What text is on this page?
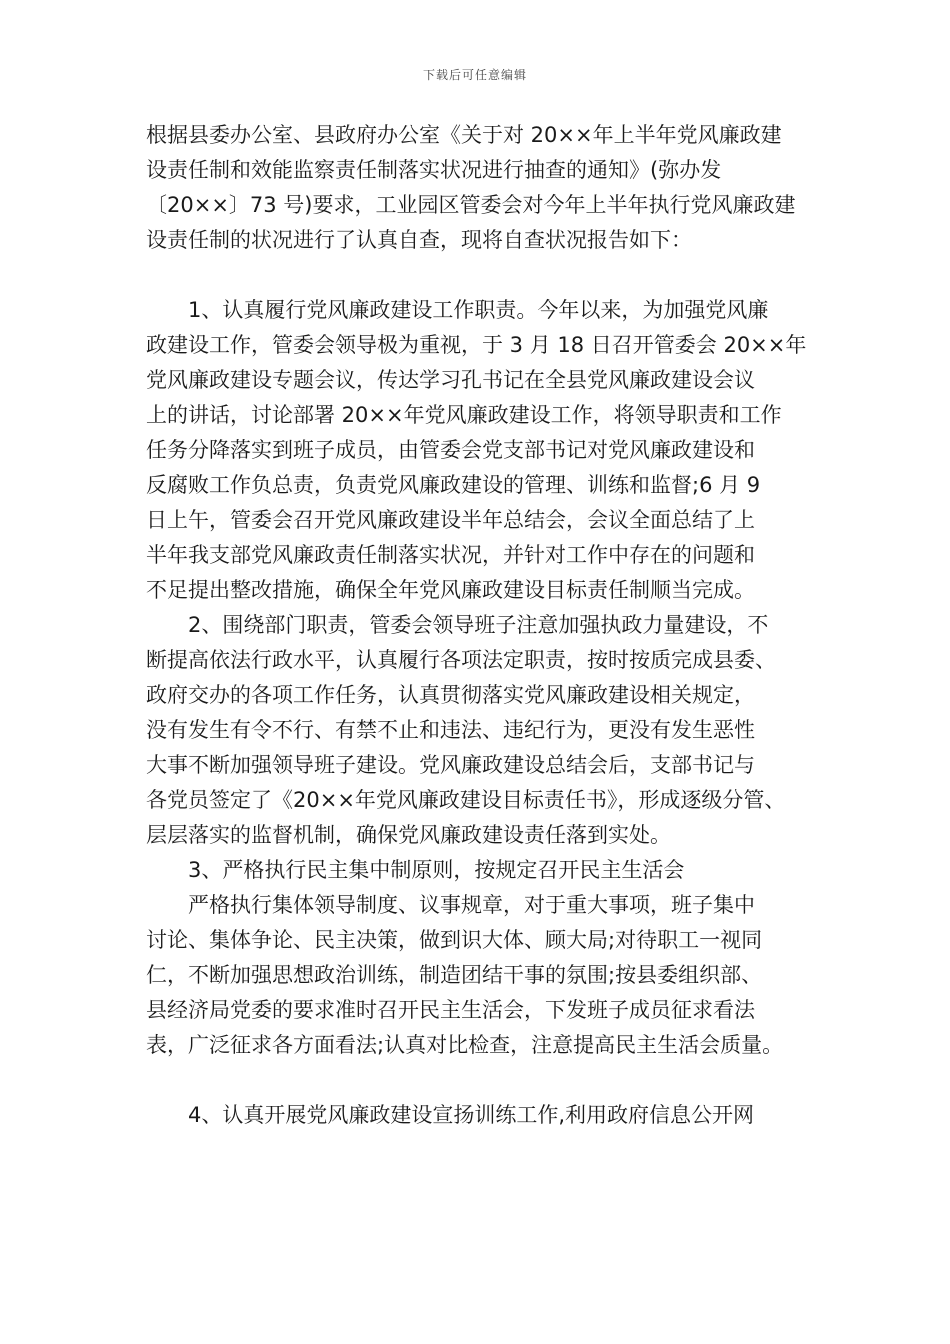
下载后可任意编辑

根据县委办公室、县政府办公室《关于对 20××年上半年党风廉政建
设责任制和效能监察责任制落实状况进行抽查的通知》(弥办发
〔20××〕73 号)要求，工业园区管委会对今年上半年执行党风廉政建
设责任制的状况进行了认真自查，现将自查状况报告如下：

1、认真履行党风廉政建设工作职责。今年以来，为加强党风廉
政建设工作，管委会领导极为重视，于 3 月 18 日召开管委会 20××年
党风廉政建设专题会议，传达学习孔书记在全县党风廉政建设会议
上的讲话，讨论部署 20××年党风廉政建设工作，将领导职责和工作
任务分降落实到班子成员，由管委会党支部书记对党风廉政建设和
反腐败工作负总责，负责党风廉政建设的管理、训练和监督;6 月 9
日上午，管委会召开党风廉政建设半年总结会，会议全面总结了上
半年我支部党风廉政责任制落实状况，并针对工作中存在的问题和
不足提出整改措施，确保全年党风廉政建设目标责任制顺当完成。

2、围绕部门职责，管委会领导班子注意加强执政力量建设，不
断提高依法行政水平，认真履行各项法定职责，按时按质完成县委、
政府交办的各项工作任务，认真贯彻落实党风廉政建设相关规定，
没有发生有令不行、有禁不止和违法、违纪行为，更没有发生恶性
大事不断加强领导班子建设。党风廉政建设总结会后，支部书记与
各党员签定了《20××年党风廉政建设目标责任书》，形成逐级分管、
层层落实的监督机制，确保党风廉政建设责任落到实处。

3、严格执行民主集中制原则，按规定召开民主生活会

严格执行集体领导制度、议事规章，对于重大事项，班子集中
讨论、集体争论、民主决策，做到识大体、顾大局;对待职工一视同
仁，不断加强思想政治训练，制造团结干事的氛围;按县委组织部、
县经济局党委的要求准时召开民主生活会，下发班子成员征求看法
表，广泛征求各方面看法;认真对比检查，注意提高民主生活会质量。

4、认真开展党风廉政建设宣扬训练工作,利用政府信息公开网
